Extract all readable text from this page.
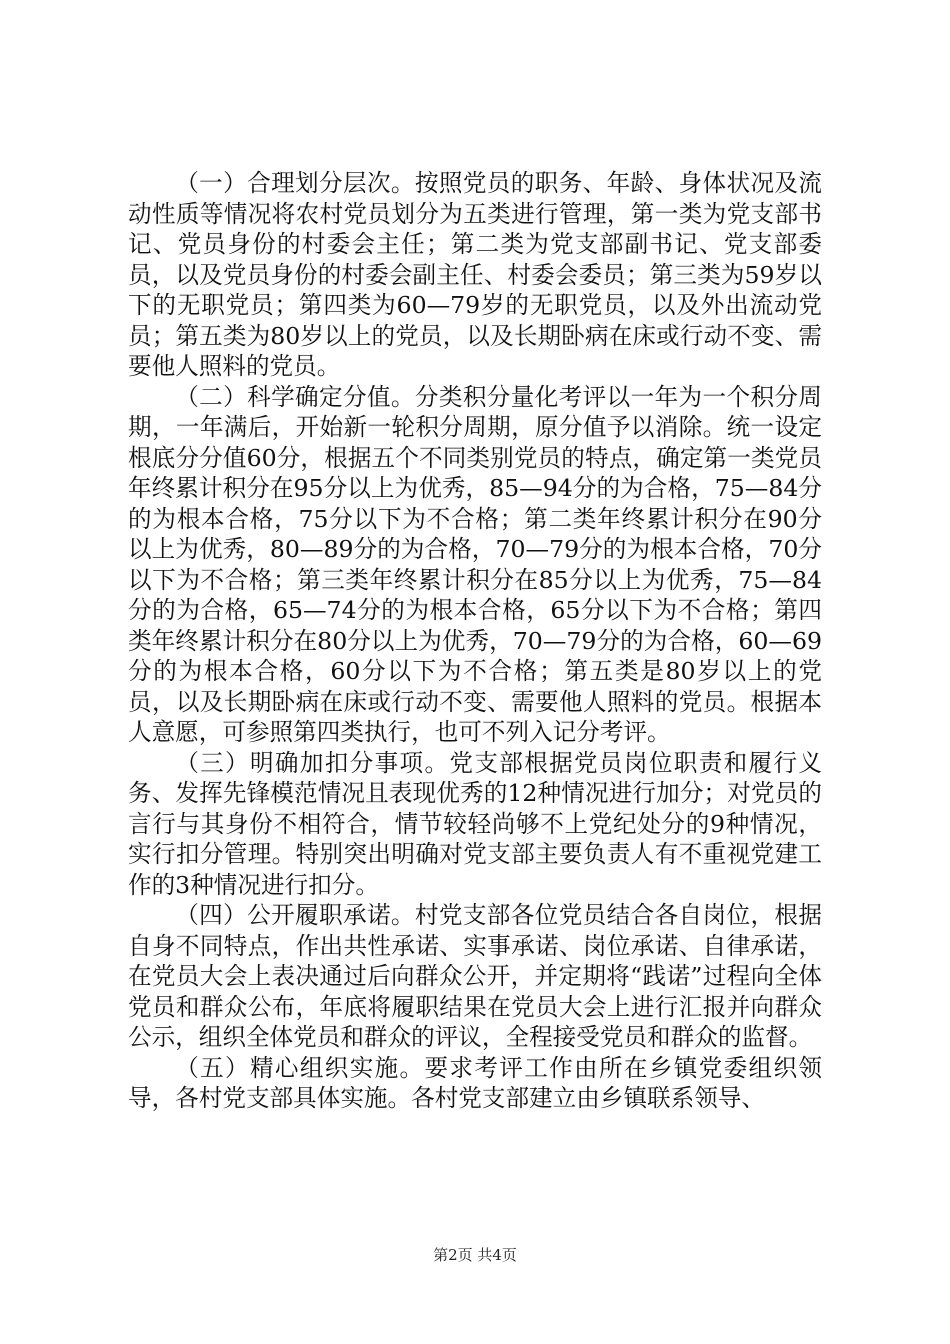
（一）合理划分层次。按照党员的职务、年龄、身体状况及流动性质等情况将农村党员划分为五类进行管理，第一类为党支部书记、党员身份的村委会主任；第二类为党支部副书记、党支部委员，以及党员身份的村委会副主任、村委会委员；第三类为59岁以下的无职党员；第四类为60—79岁的无职党员，以及外出流动党员；第五类为80岁以上的党员，以及长期卧病在床或行动不变、需要他人照料的党员。

（二）科学确定分值。分类积分量化考评以一年为一个积分周期，一年满后，开始新一轮积分周期，原分值予以消除。统一设定根底分分值60分，根据五个不同类别党员的特点，确定第一类党员年终累计积分在95分以上为优秀，85—94分的为合格，75—84分的为根本合格，75分以下为不合格；第二类年终累计积分在90分以上为优秀，80—89分的为合格，70—79分的为根本合格，70分以下为不合格；第三类年终累计积分在85分以上为优秀，75—84分的为合格，65—74分的为根本合格，65分以下为不合格；第四类年终累计积分在80分以上为优秀，70—79分的为合格，60—69分的为根本合格，60分以下为不合格；第五类是80岁以上的党员，以及长期卧病在床或行动不变、需要他人照料的党员。根据本人意愿，可参照第四类执行，也可不列入记分考评。

（三）明确加扣分事项。党支部根据党员岗位职责和履行义务、发挥先锋模范情况且表现优秀的12种情况进行加分；对党员的言行与其身份不相符合，情节较轻尚够不上党纪处分的9种情况，实行扣分管理。特别突出明确对党支部主要负责人有不重视党建工作的3种情况进行扣分。

（四）公开履职承诺。村党支部各位党员结合各自岗位，根据自身不同特点，作出共性承诺、实事承诺、岗位承诺、自律承诺，在党员大会上表决通过后向群众公开，并定期将“践诺”过程向全体党员和群众公布，年底将履职结果在党员大会上进行汇报并向群众公示，组织全体党员和群众的评议，全程接受党员和群众的监督。

（五）精心组织实施。要求考评工作由所在乡镇党委组织领导，各村党支部具体实施。各村党支部建立由乡镇联系领导、

第2页 共4页
